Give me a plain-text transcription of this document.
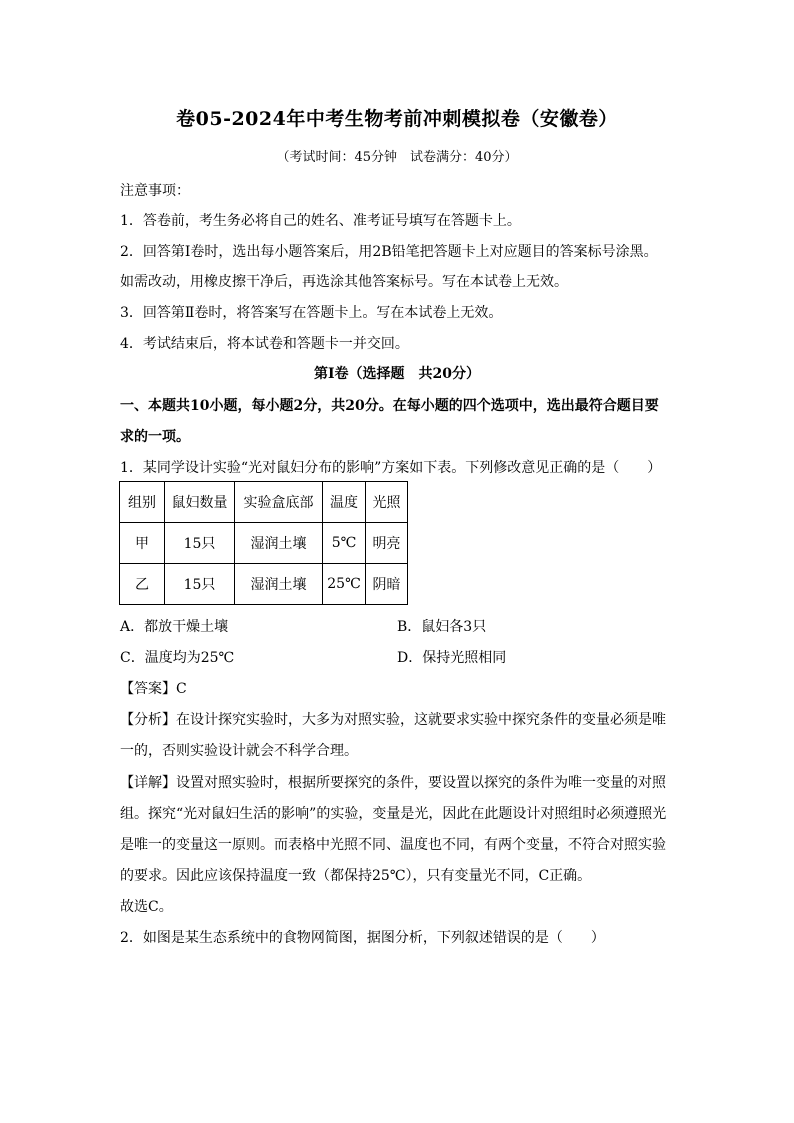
卷05-2024年中考生物考前冲刺模拟卷（安徽卷）
（考试时间：45分钟　试卷满分：40分）
注意事项：
1．答卷前，考生务必将自己的姓名、准考证号填写在答题卡上。
2．回答第Ⅰ卷时，选出每小题答案后，用2B铅笔把答题卡上对应题目的答案标号涂黑。
如需改动，用橡皮擦干净后，再选涂其他答案标号。写在本试卷上无效。
3．回答第Ⅱ卷时，将答案写在答题卡上。写在本试卷上无效。
4．考试结束后，将本试卷和答题卡一并交回。
第Ⅰ卷（选择题　共20分）
一、本题共10小题，每小题2分，共20分。在每小题的四个选项中，选出最符合题目要
求的一项。
1．某同学设计实验“光对鼠妇分布的影响”方案如下表。下列修改意见正确的是（　　）
组别	鼠妇数量	实验盒底部	温度	光照
甲	15只	湿润土壤	5℃	明亮
乙	15只	湿润土壤	25℃	阴暗
A．都放干燥土壤	B．鼠妇各3只
C．温度均为25℃	D．保持光照相同
【答案】C
【分析】在设计探究实验时，大多为对照实验，这就要求实验中探究条件的变量必须是唯
一的，否则实验设计就会不科学合理。
【详解】设置对照实验时，根据所要探究的条件，要设置以探究的条件为唯一变量的对照
组。探究“光对鼠妇生活的影响”的实验，变量是光，因此在此题设计对照组时必须遵照光
是唯一的变量这一原则。而表格中光照不同、温度也不同，有两个变量，不符合对照实验
的要求。因此应该保持温度一致（都保持25℃），只有变量光不同，C正确。
故选C。
2．如图是某生态系统中的食物网简图，据图分析，下列叙述错误的是（　　）
